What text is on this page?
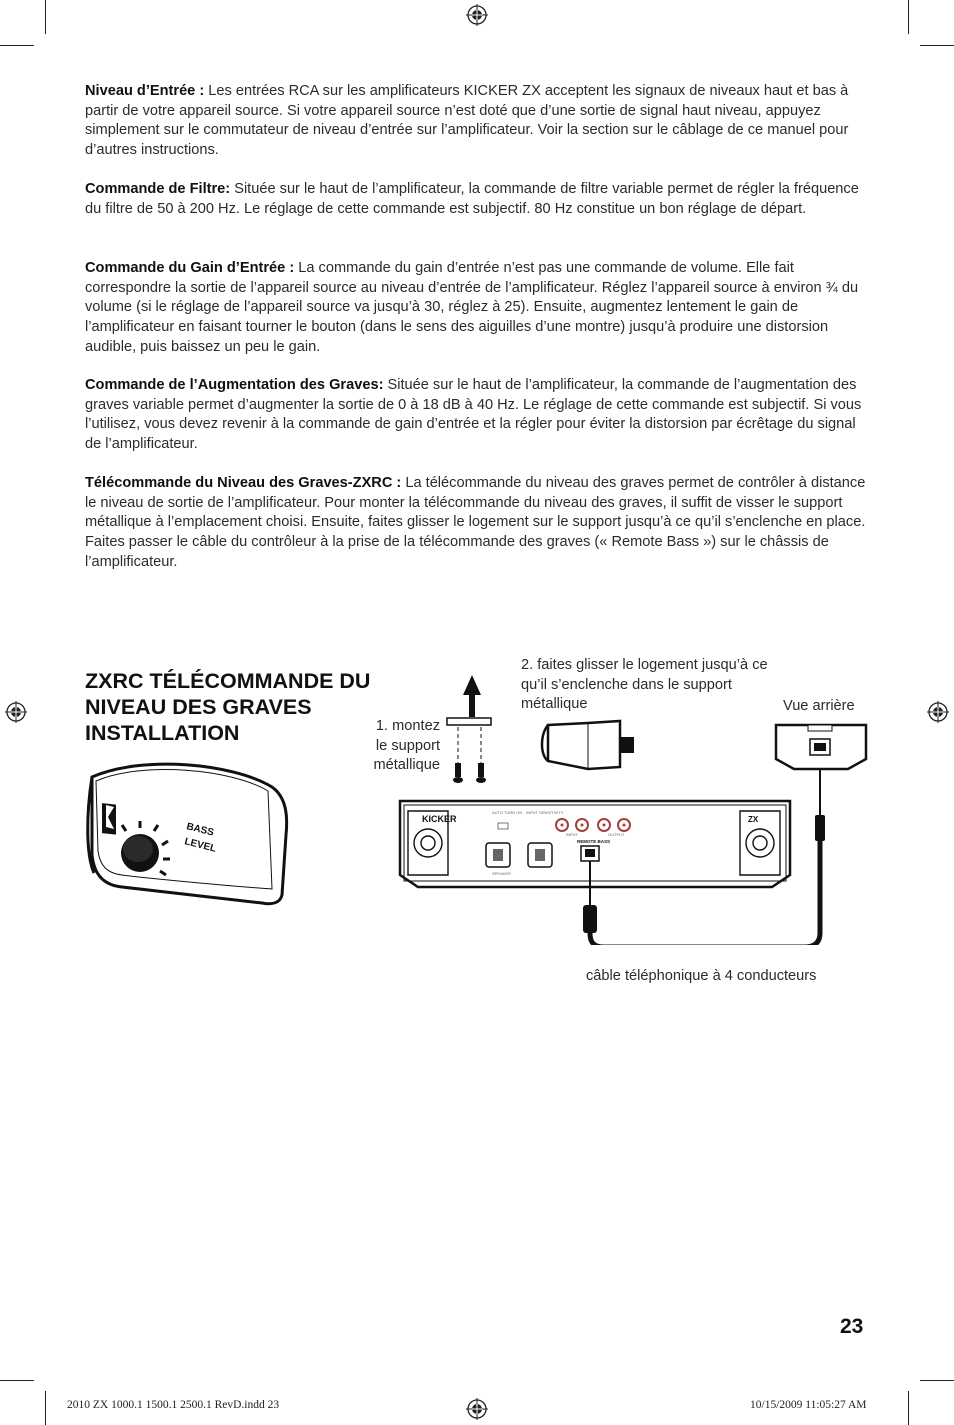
Niveau d’Entrée : Les entrées RCA sur les amplificateurs KICKER ZX acceptent les signaux de niveaux haut et bas à partir de votre appareil source. Si votre appareil source n’est doté que d’une sortie de signal haut niveau, appuyez simplement sur le commutateur de niveau d’entrée sur l’amplificateur. Voir la section sur le câblage de ce manuel pour d’autres instructions.

Commande de Filtre: Située sur le haut de l’amplificateur, la commande de filtre variable permet de régler la fréquence du filtre de 50 à 200 Hz. Le réglage de cette commande est subjectif. 80 Hz constitue un bon réglage de départ.

Commande du Gain d’Entrée : La commande du gain d’entrée n’est pas une commande de volume. Elle fait correspondre la sortie de l’appareil source au niveau d’entrée de l’amplificateur. Réglez l’appareil source à environ ¾ du volume (si le réglage de l’appareil source va jusqu’à 30, réglez à 25). Ensuite, augmentez lentement le gain de l’amplificateur en faisant tourner le bouton (dans le sens des aiguilles d’une montre) jusqu’à produire une distorsion audible, puis baissez un peu le gain.

Commande de l’Augmentation des Graves: Située sur le haut de l’amplificateur, la commande de l’augmentation des graves variable permet d’augmenter la sortie de 0 à 18 dB à 40 Hz. Le réglage de cette commande est subjectif. Si vous l’utilisez, vous devez revenir à la commande de gain d’entrée et la régler pour éviter la distorsion par écrêtage du signal de l’amplificateur.

Télécommande du Niveau des Graves-ZXRC : La télécommande du niveau des graves permet de contrôler à distance le niveau de sortie de l’amplificateur. Pour monter la télécommande du niveau des graves, il suffit de visser le support métallique à l’emplacement choisi. Ensuite, faites glisser le logement sur le support jusqu’à ce qu’il s’enclenche en place. Faites passer le câble du contrôleur à la prise de la télécommande des graves (« Remote Bass ») sur le châssis de l’amplificateur.

ZXRC TÉLÉCOMMANDE DU NIVEAU DES GRAVES INSTALLATION
BASS
LEVEL
KICKER	ZX
AUTO TURN ON INPUT SENSITIVITY
INPUT	OUTPUT
SPEAKER
REMOTE BASS
1. montez le support métallique
2. faites glisser le logement jusqu’à ce qu’il s’enclenche dans le support métallique	Vue arrière
câble téléphonique à 4 conducteurs
23
2010 ZX 1000.1 1500.1 2500.1 RevD.indd 23	10/15/2009 11:05:27 AM
